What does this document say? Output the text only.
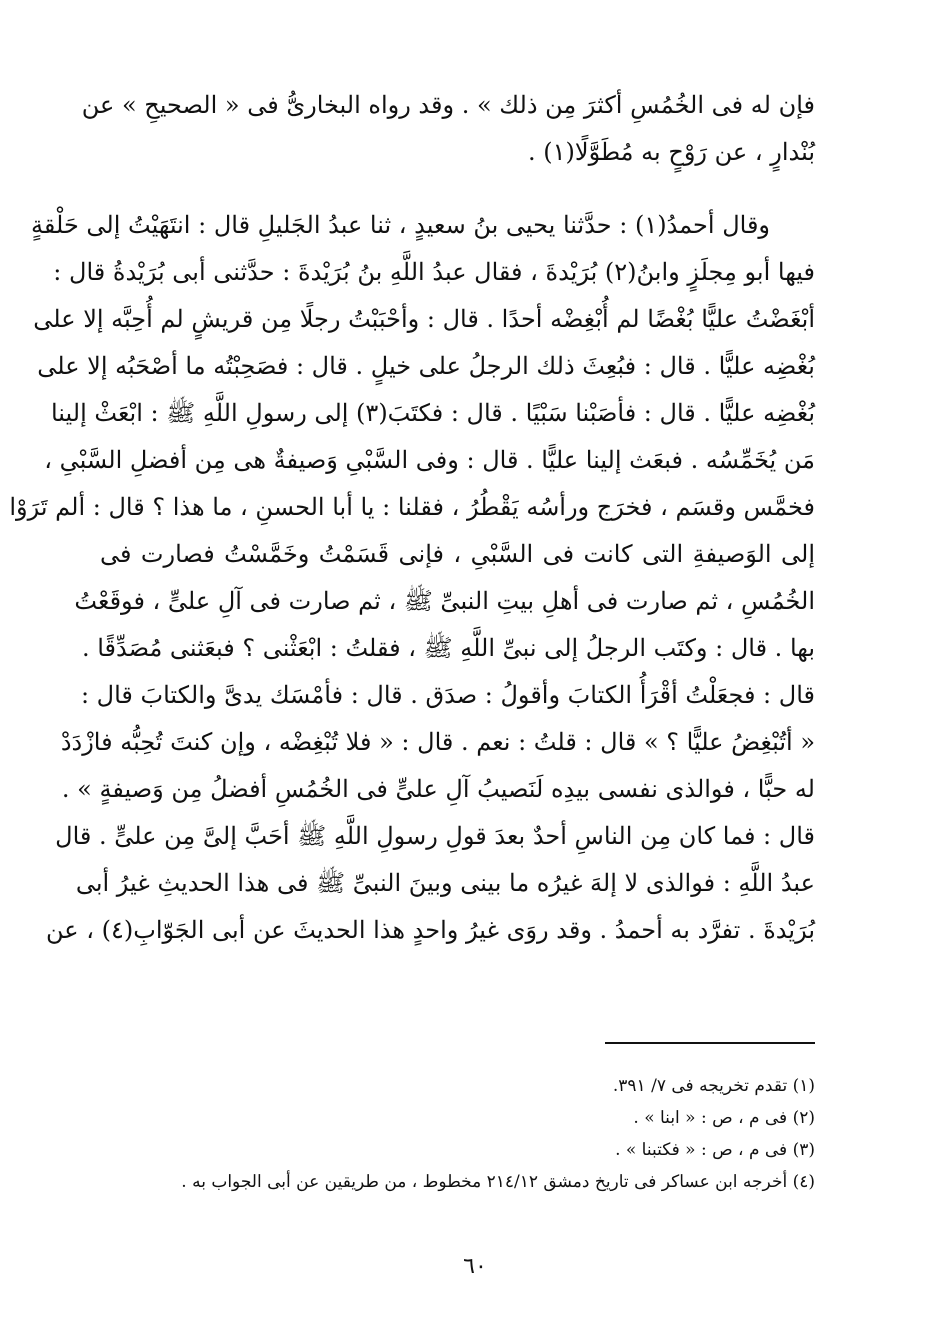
فإن له فى الخُمُسِ أكثرَ مِن ذلك » . وقد رواه البخارىُّ فى « الصحيحِ » عن
بُنْدارٍ ، عن رَوْحٍ به مُطَوَّلًا(١) .
وقال أحمدُ(١) : حدَّثنا يحيى بنُ سعيدٍ ، ثنا عبدُ الجَليلِ قال : انتَهَيْتُ إلى حَلْقةٍ
فيها أبو مِجلَزٍ وابنُ(٢) بُرَيْدةَ ، فقال عبدُ اللَّهِ بنُ بُرَيْدةَ : حدَّثنى أبى بُرَيْدةُ قال :
أبْغَضْتُ عليًّا بُغْضًا لم أُبْغِضْه أحدًا . قال : وأحْبَبْتُ رجلًا مِن قريشٍ لم أُحِبَّه إلا على
بُغْضِه عليًّا . قال : فبُعِثَ ذلك الرجلُ على خيلٍ . قال : فصَحِبْتُه ما أصْحَبُه إلا على
بُغْضِه عليًّا . قال : فأصَبْنا سَبْيًا . قال : فكتَبَ(٣) إلى رسولِ اللَّهِ ﷺ : ابْعَثْ إلينا
مَن يُخَمِّسُه . فبعَث إلينا عليًّا . قال : وفى السَّبْىِ وَصيفةٌ هى مِن أفضلِ السَّبْىِ ،
فخمَّس وقسَم ، فخرَج ورأسُه يَقْطُرُ ، فقلنا : يا أبا الحسنِ ، ما هذا ؟ قال : ألم تَرَوْا
إلى الوَصيفةِ التى كانت فى السَّبْىِ ، فإنى قَسَمْتُ وخَمَّسْتُ فصارت فى
الخُمُسِ ، ثم صارت فى أهلِ بيتِ النبىِّ ﷺ ، ثم صارت فى آلِ علىٍّ ، فوقَعْتُ
بها . قال : وكتَب الرجلُ إلى نبىِّ اللَّهِ ﷺ ، فقلتُ : ابْعَثْنى ؟ فبعَثنى مُصَدِّقًا .
قال : فجعَلْتُ أقْرَأُ الكتابَ وأقولُ : صدَق . قال : فأمْسَك يدىَّ والكتابَ قال :
« أتُبْغِضُ عليًّا ؟ » قال : قلتُ : نعم . قال : « فلا تُبْغِضْه ، وإن كنتَ تُحِبُّه فازْدَدْ
له حبًّا ، فوالذى نفسى بيدِه لَنَصيبُ آلِ علىٍّ فى الخُمُسِ أفضلُ مِن وَصيفةٍ » .
قال : فما كان مِن الناسِ أحدٌ بعدَ قولِ رسولِ اللَّهِ ﷺ أحَبَّ إلىَّ مِن علىٍّ . قال
عبدُ اللَّهِ : فوالذى لا إلهَ غيرُه ما بينى وبينَ النبىِّ ﷺ فى هذا الحديثِ غيرُ أبى
بُرَيْدةَ . تفرَّد به أحمدُ . وقد روَى غيرُ واحدٍ هذا الحديثَ عن أبى الجَوّابِ(٤) ، عن
(١) تقدم تخريجه فى ٧/ ٣٩١.
(٢) فى م ، ص : « ابنا » .
(٣) فى م ، ص : « فكتبنا » .
(٤) أخرجه ابن عساكر فى تاريخ دمشق ٢١٤/١٢ مخطوط ، من طريقين عن أبى الجواب به .
٦٠
